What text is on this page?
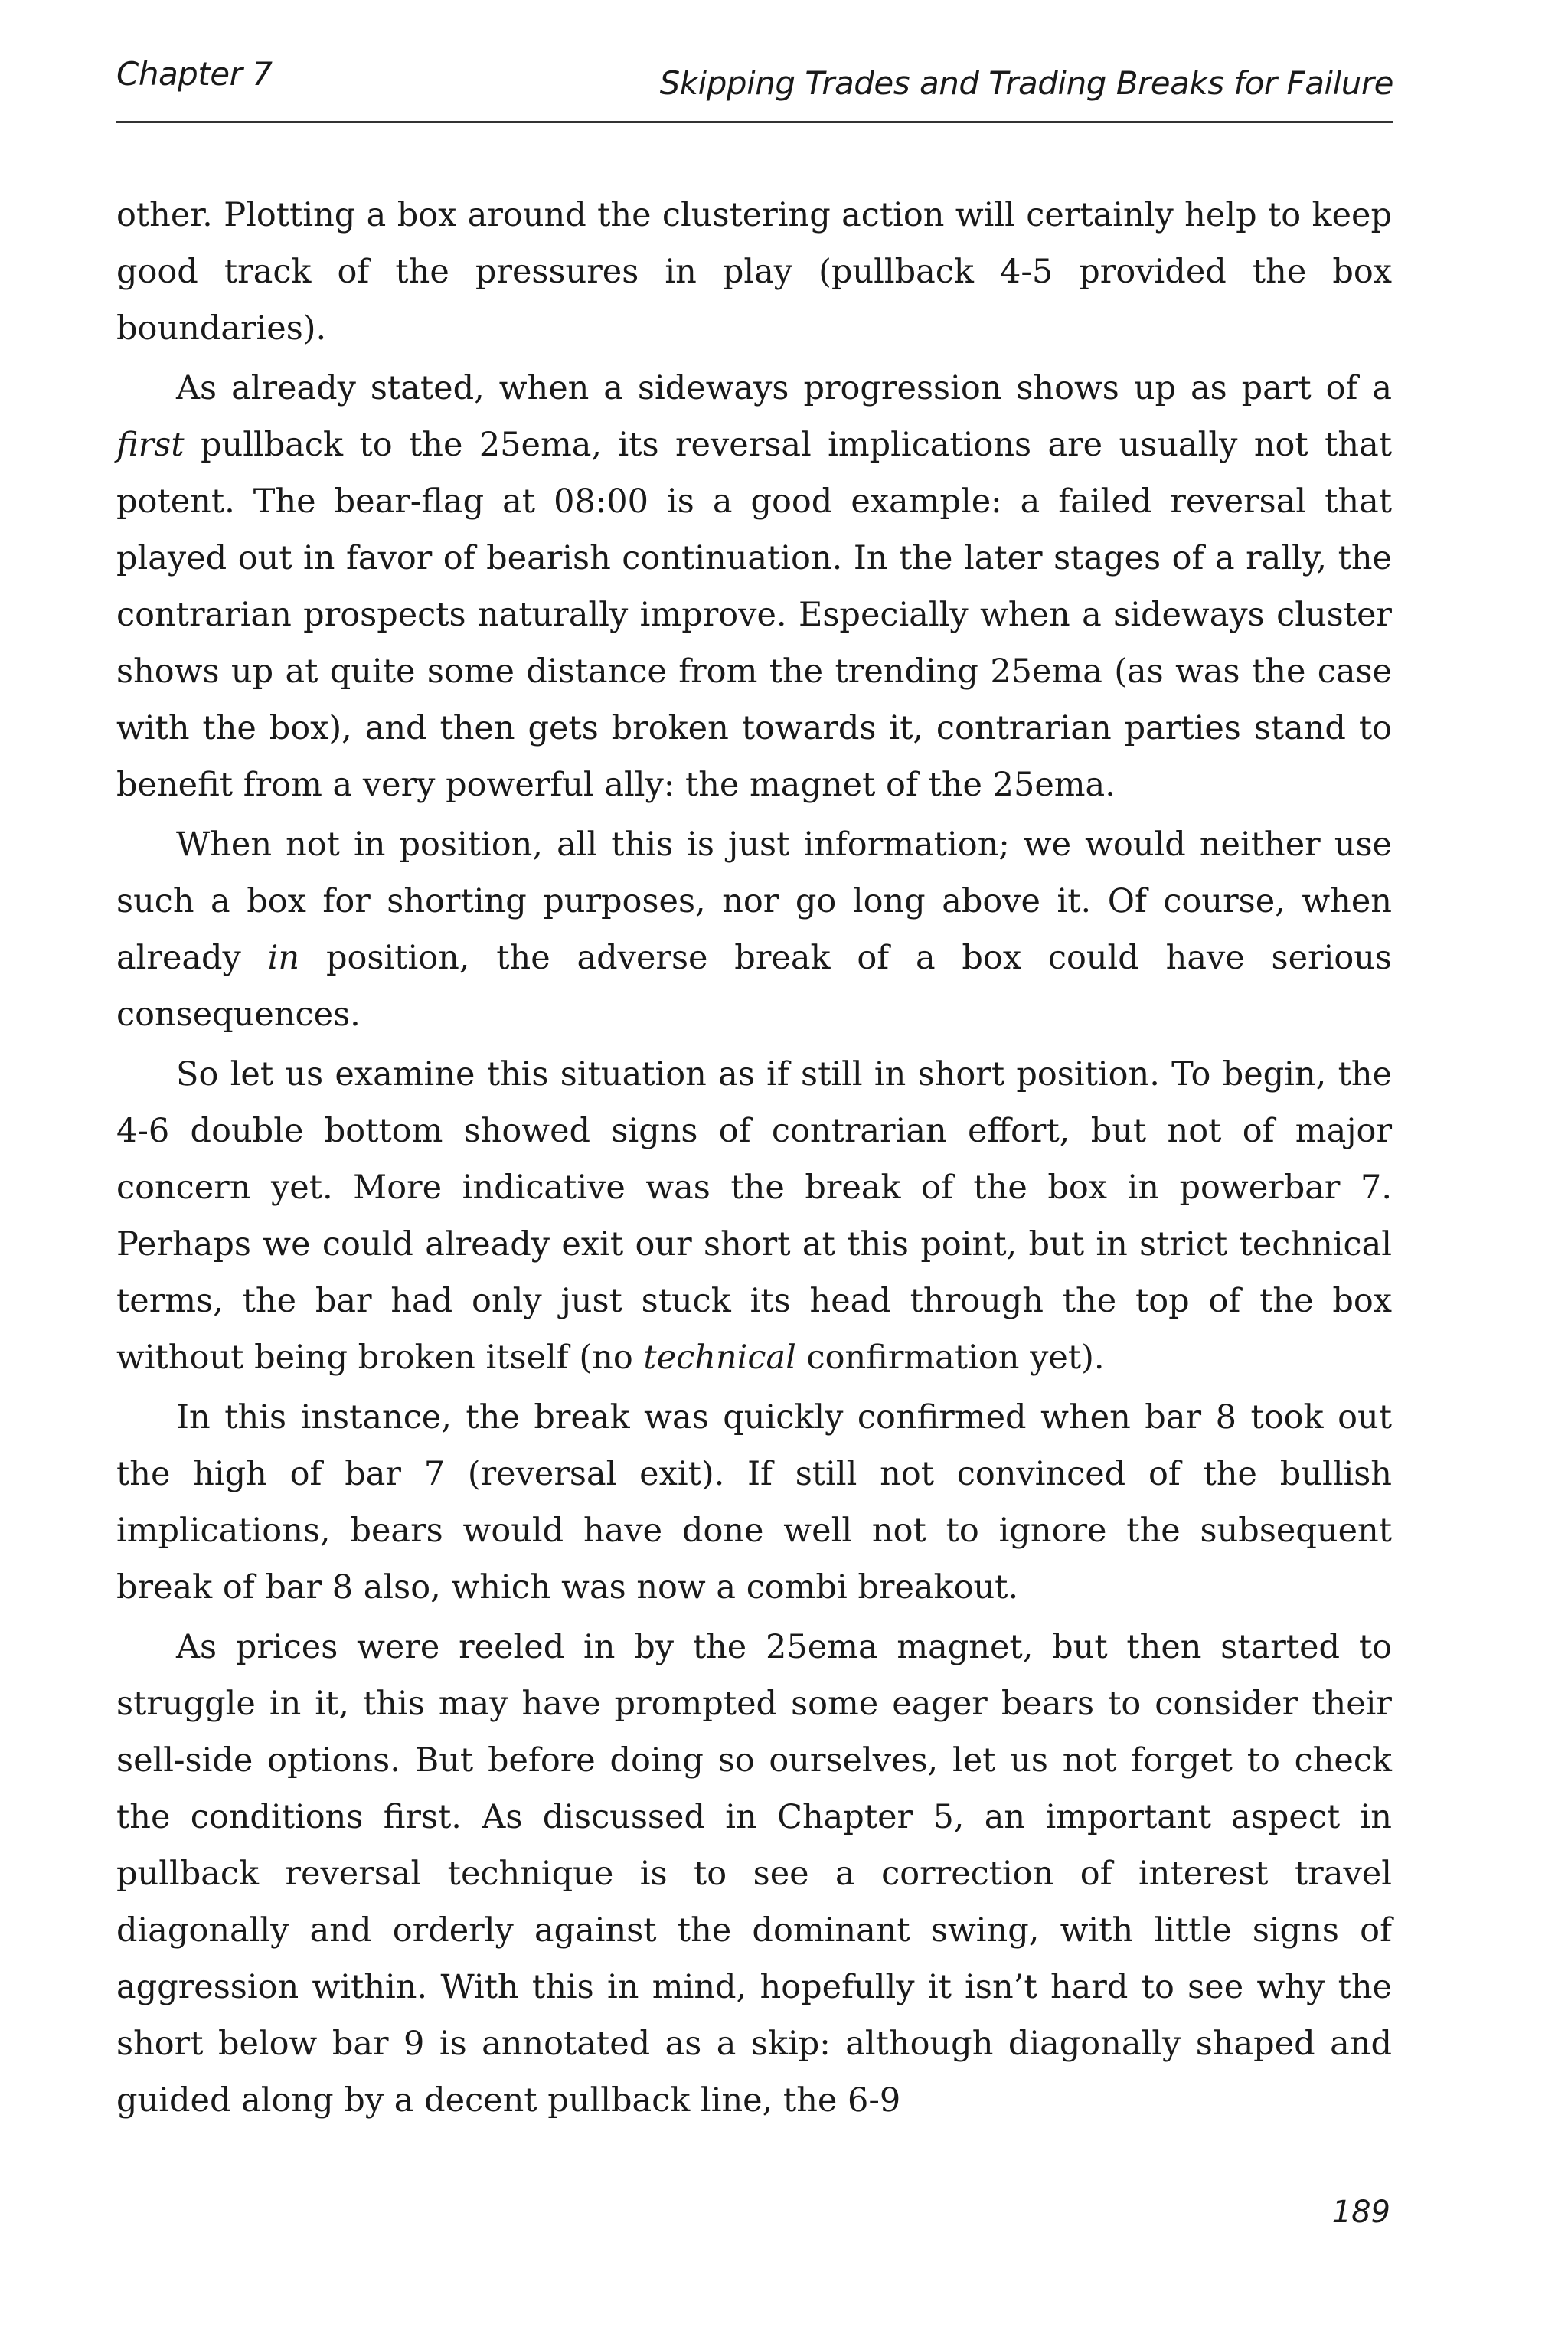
Chapter 7	Skipping Trades and Trading Breaks for Failure

other. Plotting a box around the clustering action will certainly help to keep good track of the pressures in play (pullback 4-5 provided the box boundaries).

As already stated, when a sideways progression shows up as part of a first pullback to the 25ema, its reversal implications are usually not that potent. The bear-flag at 08:00 is a good example: a failed reversal that played out in favor of bearish continuation. In the later stages of a rally, the contrarian prospects naturally improve. Especially when a sideways cluster shows up at quite some distance from the trending 25ema (as was the case with the box), and then gets broken towards it, contrarian parties stand to benefit from a very powerful ally: the magnet of the 25ema.

When not in position, all this is just information; we would neither use such a box for shorting purposes, nor go long above it. Of course, when already in position, the adverse break of a box could have serious consequences.

So let us examine this situation as if still in short position. To begin, the 4-6 double bottom showed signs of contrarian effort, but not of major concern yet. More indicative was the break of the box in powerbar 7. Perhaps we could already exit our short at this point, but in strict technical terms, the bar had only just stuck its head through the top of the box without being broken itself (no technical confirmation yet).

In this instance, the break was quickly confirmed when bar 8 took out the high of bar 7 (reversal exit). If still not convinced of the bullish implications, bears would have done well not to ignore the subsequent break of bar 8 also, which was now a combi breakout.

As prices were reeled in by the 25ema magnet, but then started to struggle in it, this may have prompted some eager bears to consider their sell-side options. But before doing so ourselves, let us not forget to check the conditions first. As discussed in Chapter 5, an important aspect in pullback reversal technique is to see a correction of interest travel diagonally and orderly against the dominant swing, with little signs of aggression within. With this in mind, hopefully it isn’t hard to see why the short below bar 9 is annotated as a skip: although diagonally shaped and guided along by a decent pullback line, the 6-9

189
